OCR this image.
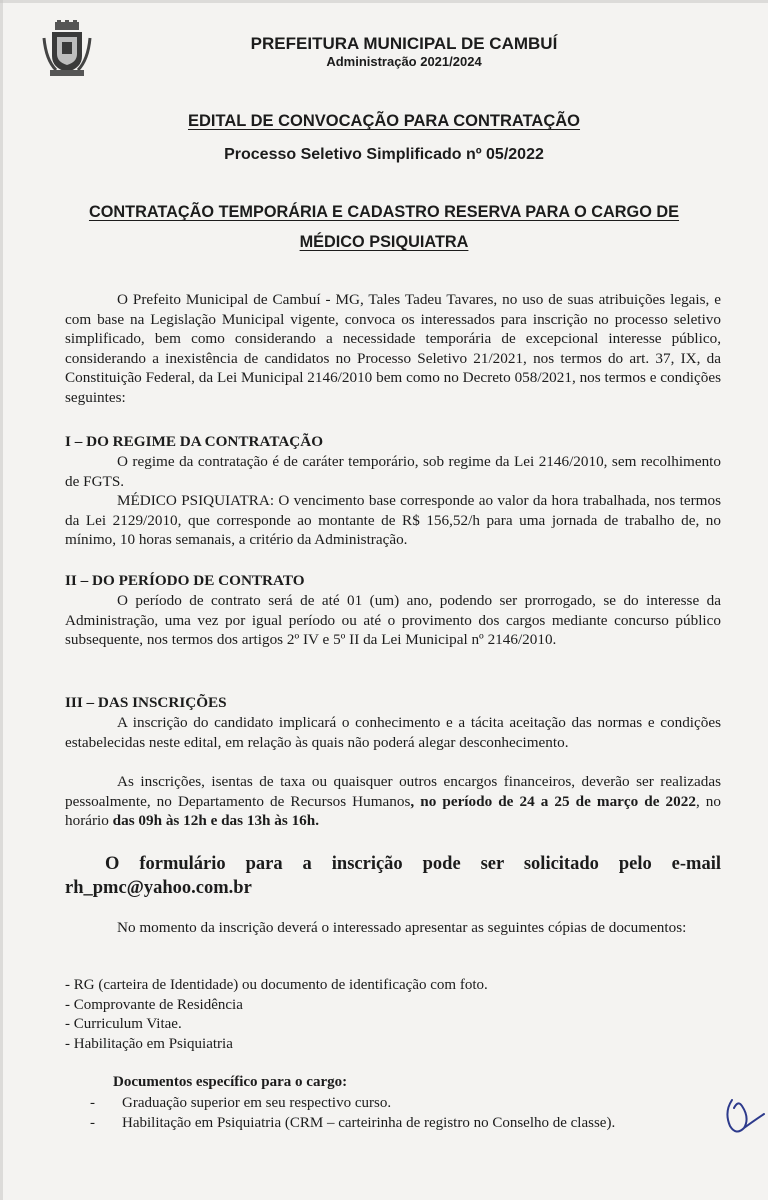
PREFEITURA MUNICIPAL DE CAMBUÍ
Administração 2021/2024
EDITAL DE CONVOCAÇÃO PARA CONTRATAÇÃO
Processo Seletivo Simplificado nº 05/2022
CONTRATAÇÃO TEMPORÁRIA E CADASTRO RESERVA PARA O CARGO DE
MÉDICO PSIQUIATRA
O Prefeito Municipal de Cambuí - MG, Tales Tadeu Tavares, no uso de suas atribuições legais, e com base na Legislação Municipal vigente, convoca os interessados para inscrição no processo seletivo simplificado, bem como considerando a necessidade temporária de excepcional interesse público, considerando a inexistência de candidatos no Processo Seletivo 21/2021, nos termos do art. 37, IX, da Constituição Federal, da Lei Municipal 2146/2010 bem como no Decreto 058/2021, nos termos e condições seguintes:
I – DO REGIME DA CONTRATAÇÃO
O regime da contratação é de caráter temporário, sob regime da Lei 2146/2010, sem recolhimento de FGTS.
MÉDICO PSIQUIATRA: O vencimento base corresponde ao valor da hora trabalhada, nos termos da Lei 2129/2010, que corresponde ao montante de R$ 156,52/h para uma jornada de trabalho de, no mínimo, 10 horas semanais, a critério da Administração.
II – DO PERÍODO DE CONTRATO
O período de contrato será de até 01 (um) ano, podendo ser prorrogado, se do interesse da Administração, uma vez por igual período ou até o provimento dos cargos mediante concurso público subsequente, nos termos dos artigos 2º IV e 5º II da Lei Municipal nº 2146/2010.
III – DAS INSCRIÇÕES
A inscrição do candidato implicará o conhecimento e a tácita aceitação das normas e condições estabelecidas neste edital, em relação às quais não poderá alegar desconhecimento.
As inscrições, isentas de taxa ou quaisquer outros encargos financeiros, deverão ser realizadas pessoalmente, no Departamento de Recursos Humanos, no período de 24 a 25 de março de 2022, no horário das 09h às 12h e das 13h às 16h.
O formulário para a inscrição pode ser solicitado pelo e-mail rh_pmc@yahoo.com.br
No momento da inscrição deverá o interessado apresentar as seguintes cópias de documentos:
- RG (carteira de Identidade) ou documento de identificação com foto.
- Comprovante de Residência
- Curriculum Vitae.
- Habilitação em Psiquiatria
Documentos específico para o cargo:
- Graduação superior em seu respectivo curso.
- Habilitação em Psiquiatria (CRM – carteirinha de registro no Conselho de classe).
